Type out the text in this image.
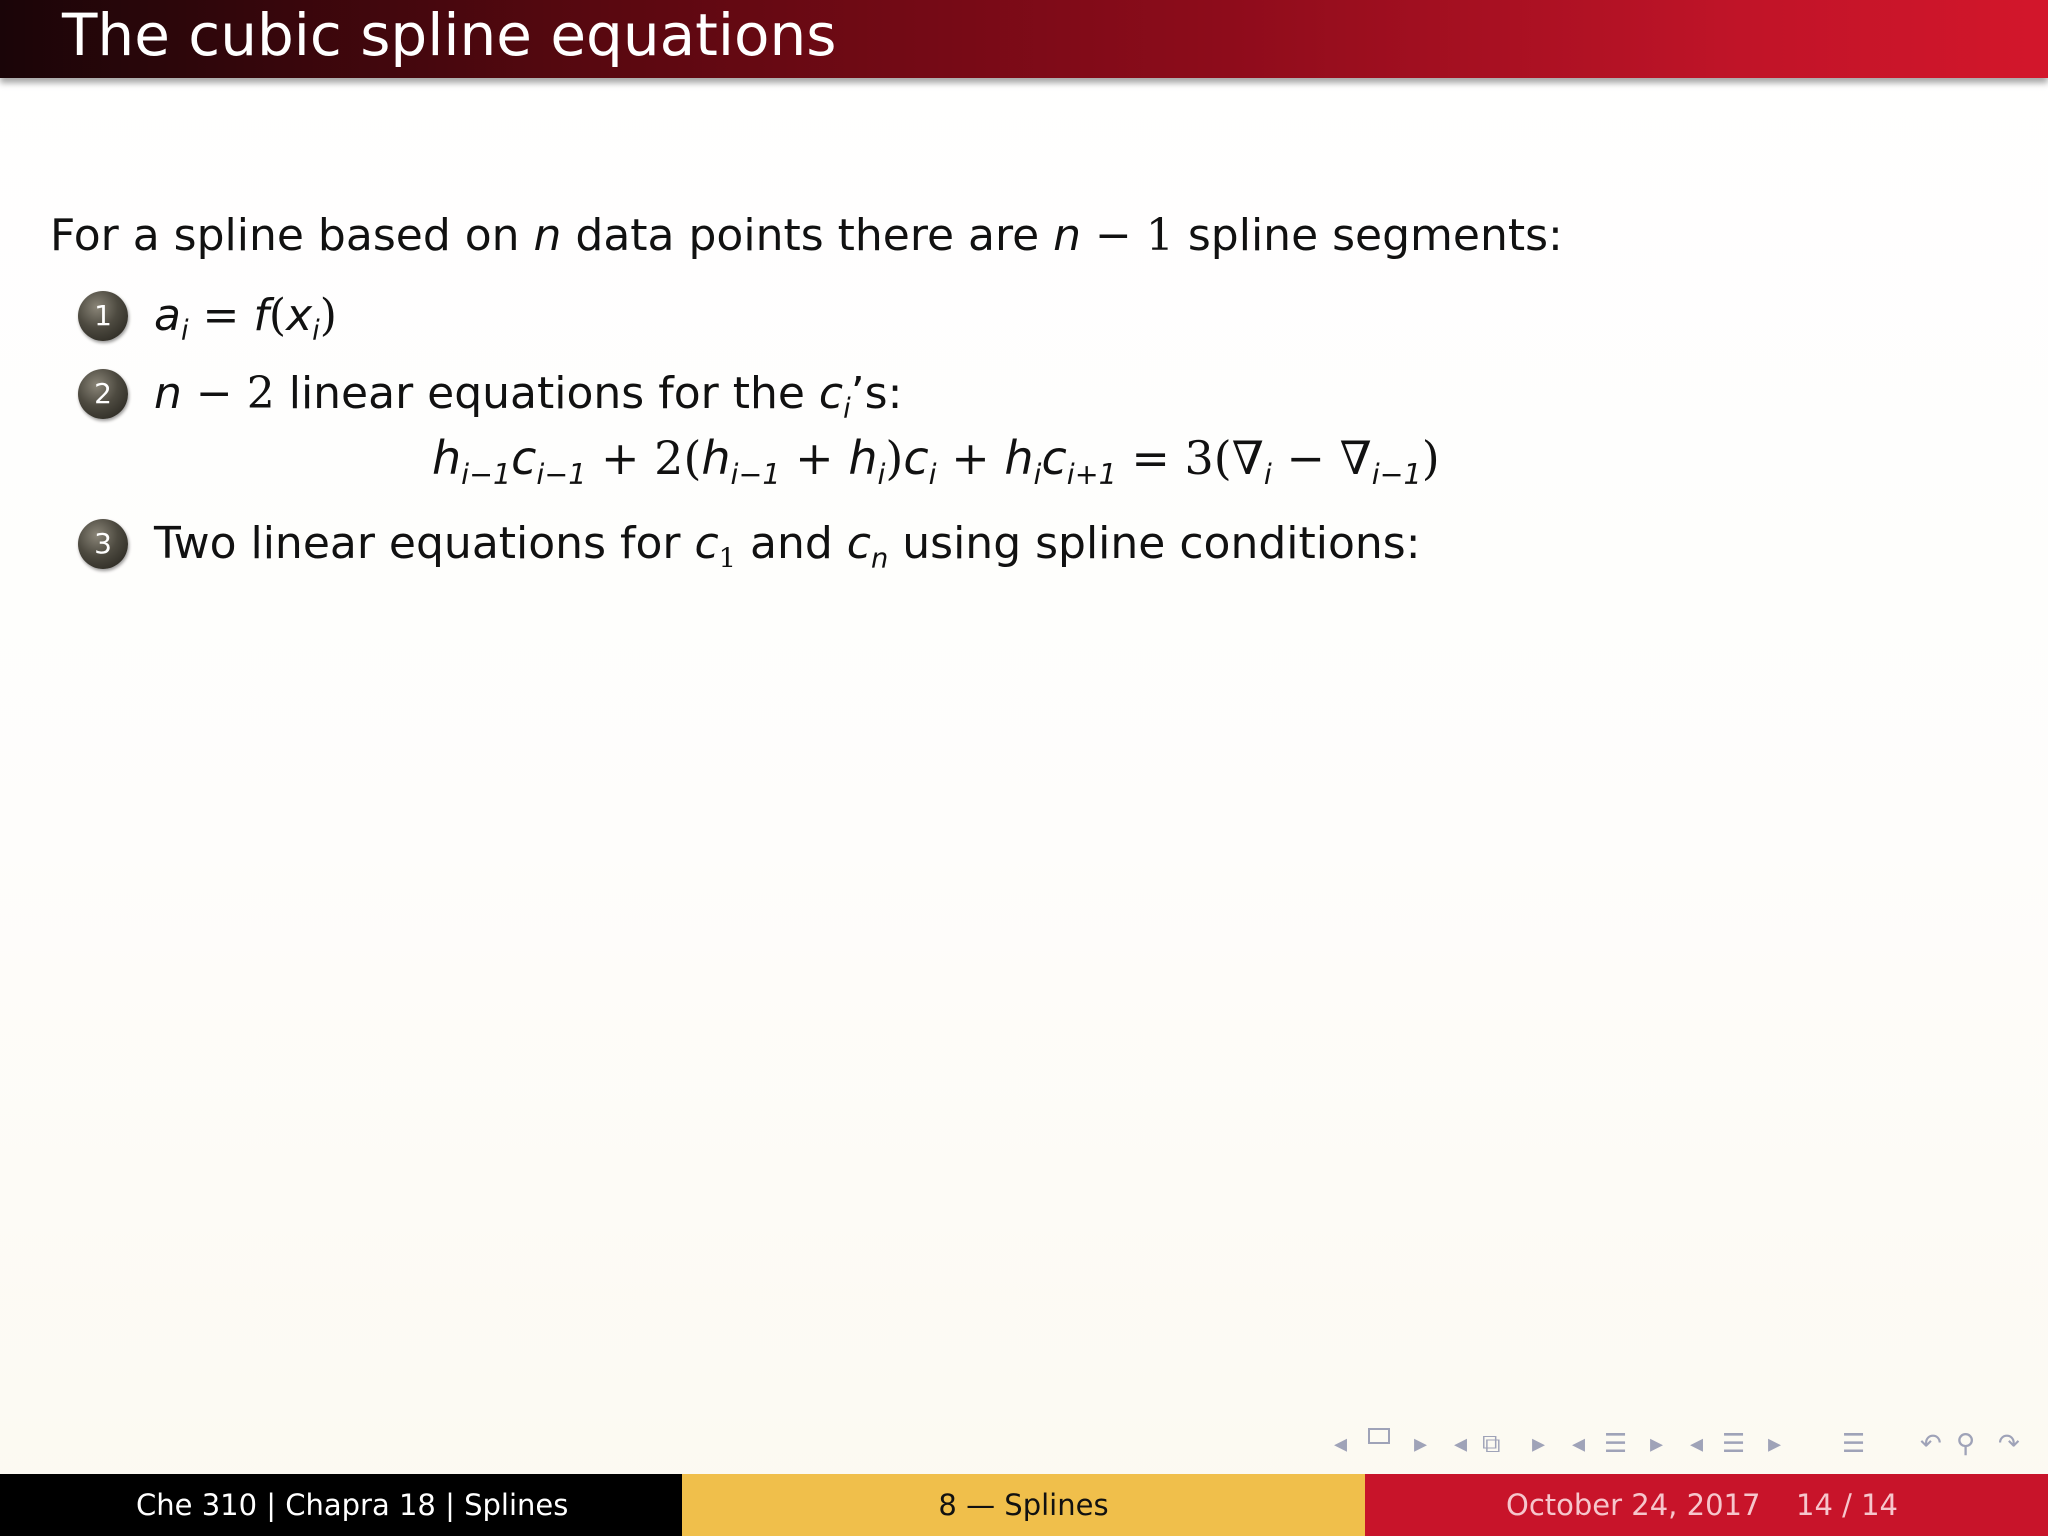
The cubic spline equations
For a spline based on n data points there are n − 1 spline segments:
1 $a_i = f(x_i)$
2 n − 2 linear equations for the $c_i’s$:
$h_{i-1}c_{i-1} + 2(h_{i-1} + h_i)c_i + h_ic_{i+1} = 3(\nabla_i - \nabla_{i-1})$
3 Two linear equations for $c_1$ and $c_n$ using spline conditions:
◂	▸ ◂ ⧉ ▸ ◂ ☰ ▸ ◂ ☰ ▸ ☰ ↶ ⚲ ↷
Che 310 | Chapra 18 | Splines	8 — Splines	October 24, 2017 14 / 14
